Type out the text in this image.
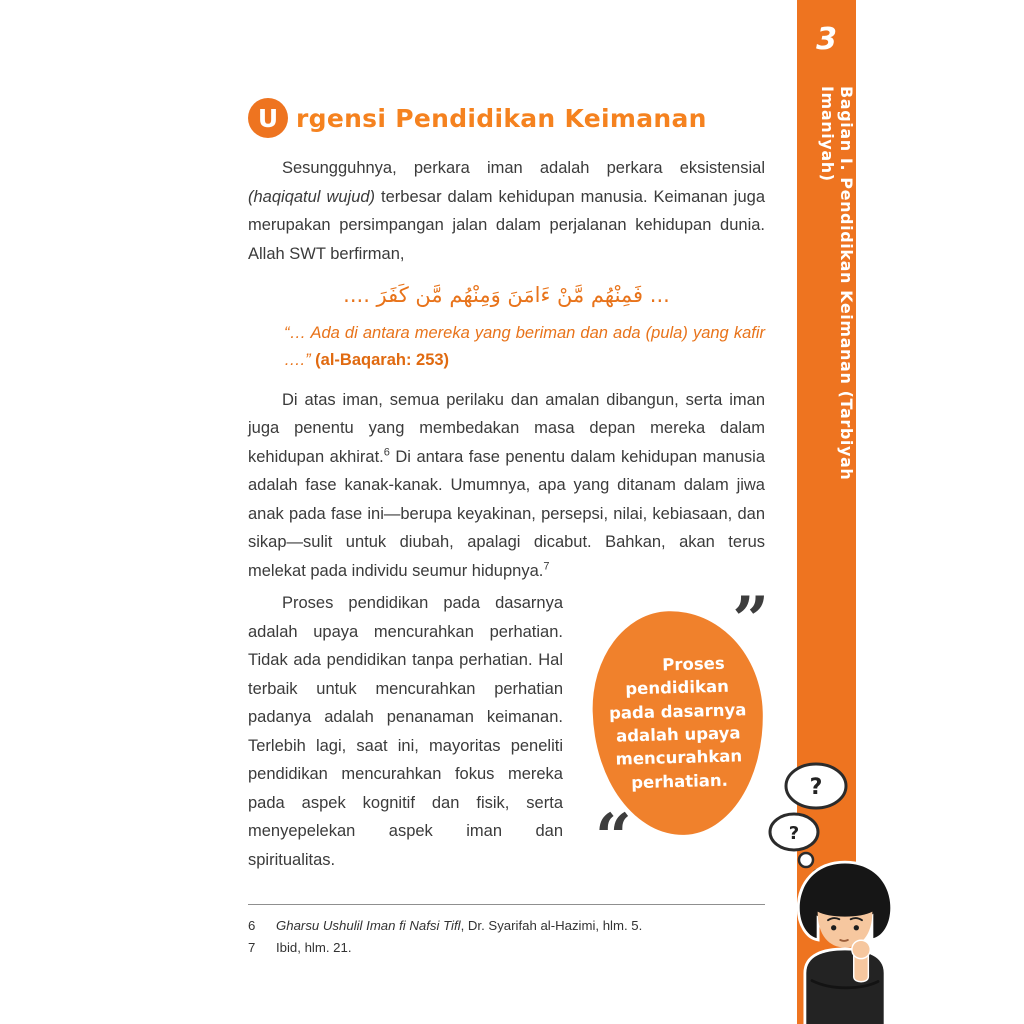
3
Bagian I. Pendidikan Keimanan (Tarbiyah Imaniyah)
U rgensi Pendidikan Keimanan

Sesungguhnya, perkara iman adalah perkara eksistensial (haqiqatul wujud) terbesar dalam kehidupan manusia. Keimanan juga merupakan persimpangan jalan dalam perjalanan kehidupan dunia. Allah SWT berfirman,

... فَمِنْهُم مَّنْ ءَامَنَ وَمِنْهُم مَّن كَفَرَ ....
“… Ada di antara mereka yang beriman dan ada (pula) yang kafir ….” (al-Baqarah: 253)

Di atas iman, semua perilaku dan amalan dibangun, serta iman juga penentu yang membedakan masa depan mereka dalam kehidupan akhirat.$^6$ Di antara fase penentu dalam kehidupan manusia adalah fase kanak-kanak. Umumnya, apa yang ditanam dalam jiwa anak pada fase ini—berupa keyakinan, persepsi, nilai, kebiasaan, dan sikap—sulit untuk diubah, apalagi dicabut. Bahkan, akan terus melekat pada individu seumur hidupnya.$^7$

”
Proses pendidikan pada dasarnya adalah upaya mencurahkan perhatian.
“
Proses pendidikan pada dasarnya adalah upaya mencurahkan perhatian. Tidak ada pendidikan tanpa perhatian. Hal terbaik untuk mencurahkan perhatian padanya adalah penanaman keimanan. Terlebih lagi, saat ini, mayoritas peneliti pendidikan mencurahkan fokus mereka pada aspek kognitif dan fisik, serta menyepelekan aspek iman dan spiritualitas.
6	Gharsu Ushulil Iman fi Nafsi Tifl, Dr. Syarifah al-Hazimi, hlm. 5.
7	Ibid, hlm. 21.
?
?
